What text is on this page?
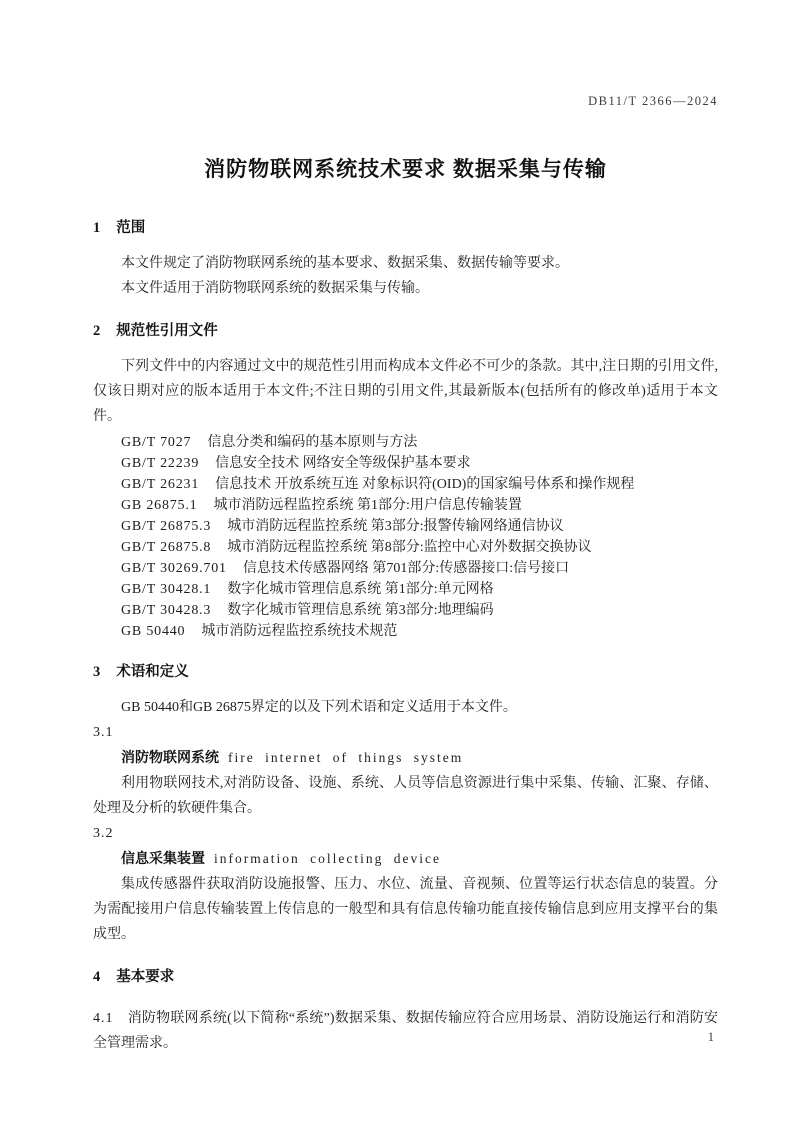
DB11/T 2366—2024
消防物联网系统技术要求 数据采集与传输
1 范围

本文件规定了消防物联网系统的基本要求、数据采集、数据传输等要求。

本文件适用于消防物联网系统的数据采集与传输。

2 规范性引用文件

下列文件中的内容通过文中的规范性引用而构成本文件必不可少的条款。其中,注日期的引用文件,仅该日期对应的版本适用于本文件;不注日期的引用文件,其最新版本(包括所有的修改单)适用于本文件。

GB/T 7027 信息分类和编码的基本原则与方法
GB/T 22239 信息安全技术 网络安全等级保护基本要求
GB/T 26231 信息技术 开放系统互连 对象标识符(OID)的国家编号体系和操作规程
GB 26875.1 城市消防远程监控系统 第1部分:用户信息传输装置
GB/T 26875.3 城市消防远程监控系统 第3部分:报警传输网络通信协议
GB/T 26875.8 城市消防远程监控系统 第8部分:监控中心对外数据交换协议
GB/T 30269.701 信息技术传感器网络 第701部分:传感器接口:信号接口
GB/T 30428.1 数字化城市管理信息系统 第1部分:单元网格
GB/T 30428.3 数字化城市管理信息系统 第3部分:地理编码
GB 50440 城市消防远程监控系统技术规范
3 术语和定义

GB 50440和GB 26875界定的以及下列术语和定义适用于本文件。

3.1

消防物联网系统 fire internet of things system

利用物联网技术,对消防设备、设施、系统、人员等信息资源进行集中采集、传输、汇聚、存储、处理及分析的软硬件集合。

3.2

信息采集装置 information collecting device

集成传感器件获取消防设施报警、压力、水位、流量、音视频、位置等运行状态信息的装置。分为需配接用户信息传输装置上传信息的一般型和具有信息传输功能直接传输信息到应用支撑平台的集成型。

4 基本要求

4.1 消防物联网系统(以下简称“系统”)数据采集、数据传输应符合应用场景、消防设施运行和消防安全管理需求。	1
